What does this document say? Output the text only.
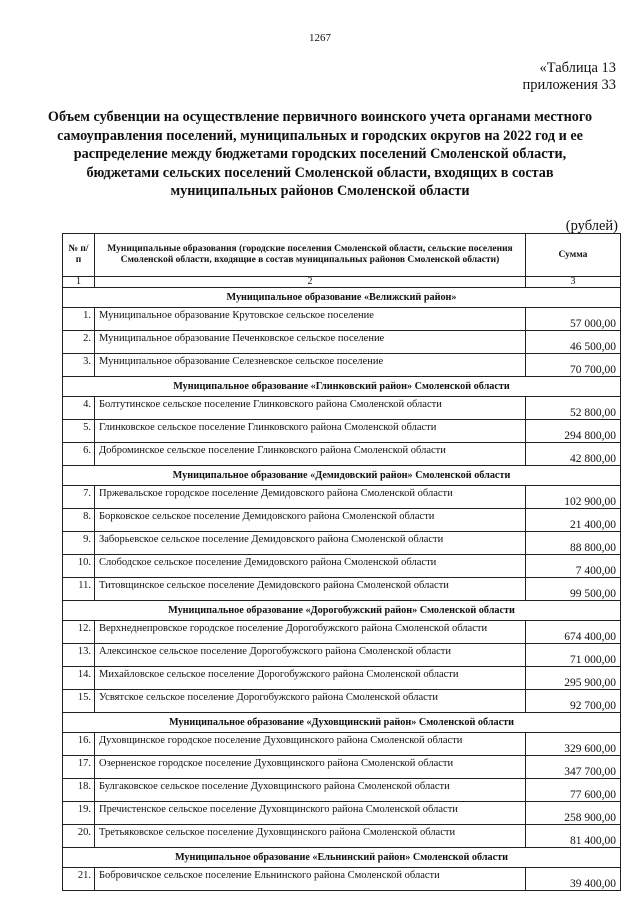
1267
«Таблица 13
приложения 33
Объем субвенции на осуществление первичного воинского учета органами местного самоуправления поселений, муниципальных и городских округов на 2022 год и ее распределение между бюджетами городских поселений Смоленской области, бюджетами сельских поселений Смоленской области, входящих в состав муниципальных районов Смоленской области
(рублей)
№ п/п	Муниципальные образования (городские поселения Смоленской области, сельские поселения Смоленской области, входящие в состав муниципальных районов Смоленской области)	Сумма
1	2	3
Муниципальное образование «Велижский район»		
1.	Муниципальное образование Крутовское сельское поселение	57 000,00
2.	Муниципальное образование Печенковское сельское поселение	46 500,00
3.	Муниципальное образование Селезневское сельское поселение	70 700,00
Муниципальное образование «Глинковский район» Смоленской области		
4.	Болтутинское сельское поселение Глинковского района Смоленской области	52 800,00
5.	Глинковское сельское поселение Глинковского района Смоленской области	294 800,00
6.	Доброминское сельское поселение Глинковского района Смоленской области	42 800,00
Муниципальное образование «Демидовский район» Смоленской области		
7.	Пржевальское городское поселение Демидовского района Смоленской области	102 900,00
8.	Борковское сельское поселение Демидовского района Смоленской области	21 400,00
9.	Заборьевское сельское поселение Демидовского района Смоленской области	88 800,00
10.	Слободское сельское поселение Демидовского района Смоленской области	7 400,00
11.	Титовщинское сельское поселение Демидовского района Смоленской области	99 500,00
Муниципальное образование «Дорогобужский район» Смоленской области		
12.	Верхнеднепровское городское поселение Дорогобужского района Смоленской области	674 400,00
13.	Алексинское сельское поселение Дорогобужского района Смоленской области	71 000,00
14.	Михайловское сельское поселение Дорогобужского района Смоленской области	295 900,00
15.	Усвятское сельское поселение Дорогобужского района Смоленской области	92 700,00
Муниципальное образование «Духовщинский район» Смоленской области		
16.	Духовщинское городское поселение Духовщинского района Смоленской области	329 600,00
17.	Озерненское городское поселение Духовщинского района Смоленской области	347 700,00
18.	Булгаковское сельское поселение Духовщинского района Смоленской области	77 600,00
19.	Пречистенское сельское поселение Духовщинского района Смоленской области	258 900,00
20.	Третьяковское сельское поселение Духовщинского района Смоленской области	81 400,00
Муниципальное образование «Ельнинский район» Смоленской области		
21.	Бобровичское сельское поселение Ельнинского района Смоленской области	39 400,00
